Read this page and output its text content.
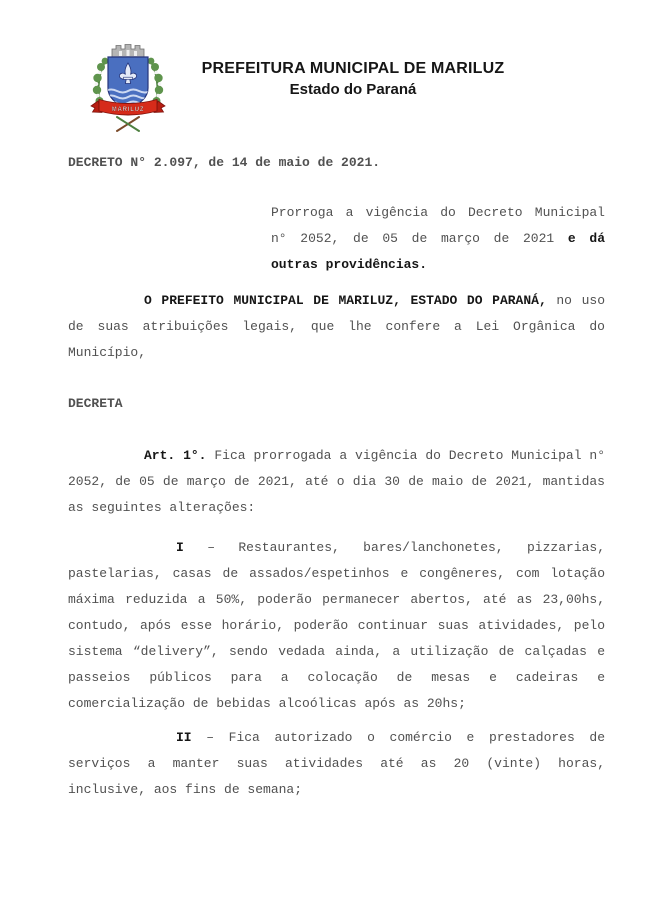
MARILUZ
PREFEITURA MUNICIPAL DE MARILUZ
Estado do Paraná

DECRETO N° 2.097, de 14 de maio de 2021.

Prorroga a vigência do Decreto Municipal n° 2052, de 05 de março de 2021 e dá outras providências.

O PREFEITO MUNICIPAL DE MARILUZ, ESTADO DO PARANÁ, no uso de suas atribuições legais, que lhe confere a Lei Orgânica do Município,

DECRETA

Art. 1°. Fica prorrogada a vigência do Decreto Municipal n° 2052, de 05 de março de 2021, até o dia 30 de maio de 2021, mantidas as seguintes alterações:

I – Restaurantes, bares/lanchonetes, pizzarias, pastelarias, casas de assados/espetinhos e congêneres, com lotação máxima reduzida a 50%, poderão permanecer abertos, até as 23,00hs, contudo, após esse horário, poderão continuar suas atividades, pelo sistema “delivery”, sendo vedada ainda, a utilização de calçadas e passeios públicos para a colocação de mesas e cadeiras e comercialização de bebidas alcoólicas após as 20hs;

II – Fica autorizado o comércio e prestadores de serviços a manter suas atividades até as 20 (vinte) horas, inclusive, aos fins de semana;
